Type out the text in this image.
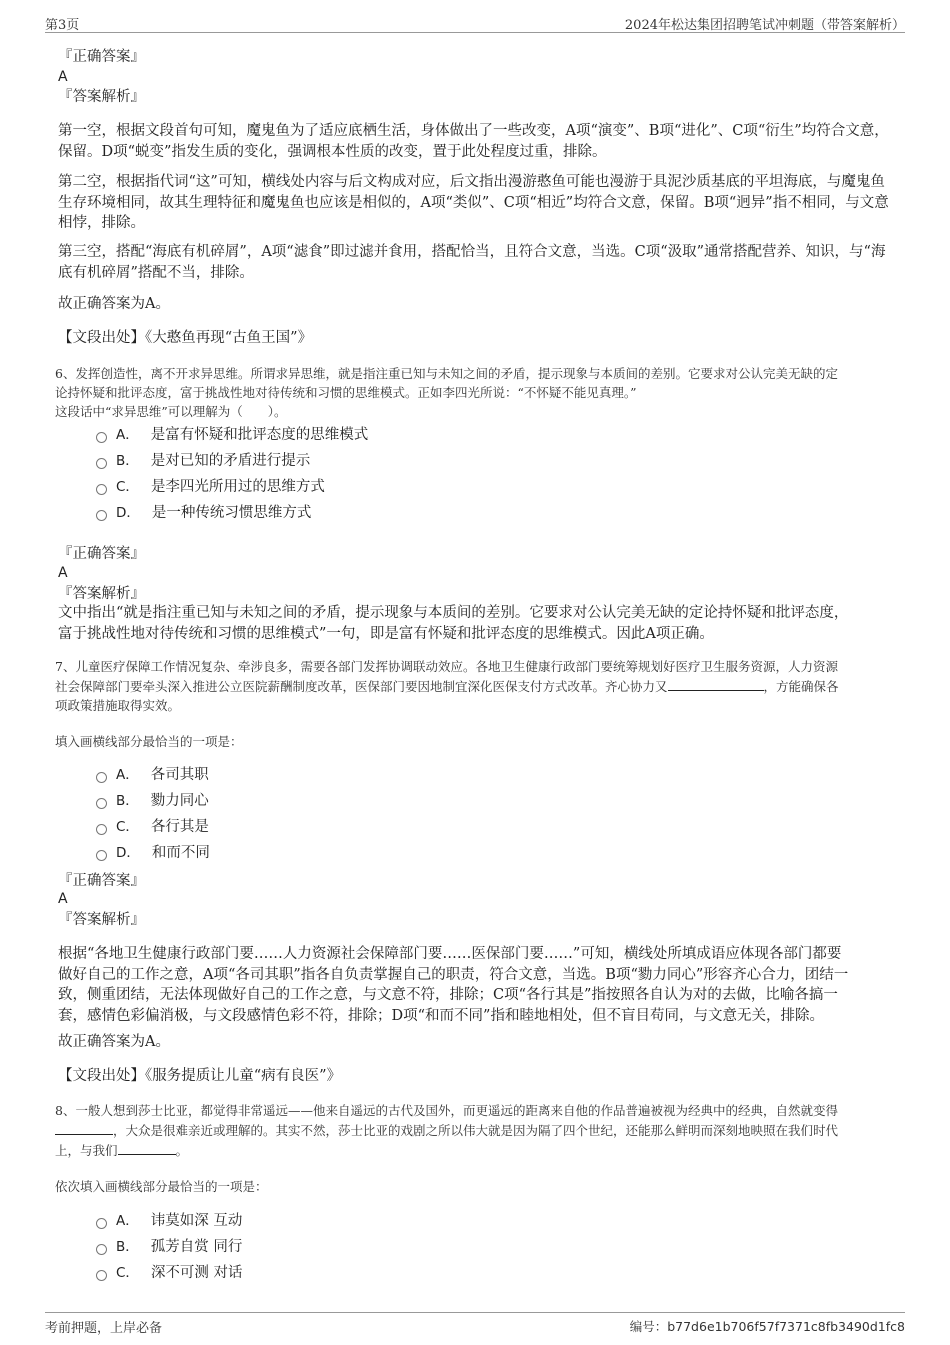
第3页	2024年松达集团招聘笔试冲刺题（带答案解析）
『正确答案』
A
『答案解析』
第一空，根据文段首句可知，魔鬼鱼为了适应底栖生活，身体做出了一些改变，A项“演变”、B项“进化”、C项“衍生”均符合文意，保留。D项“蜕变”指发生质的变化，强调根本性质的改变，置于此处程度过重，排除。
第二空，根据指代词“这”可知，横线处内容与后文构成对应，后文指出漫游憨鱼可能也漫游于具泥沙质基底的平坦海底，与魔鬼鱼生存环境相同，故其生理特征和魔鬼鱼也应该是相似的，A项“类似”、C项“相近”均符合文意，保留。B项“迥异”指不相同，与文意相悖，排除。
第三空，搭配“海底有机碎屑”，A项“滤食”即过滤并食用，搭配恰当，且符合文意，当选。C项“汲取”通常搭配营养、知识，与“海底有机碎屑”搭配不当，排除。
故正确答案为A。
【文段出处】《大憨鱼再现“古鱼王国”》
6、发挥创造性，离不开求异思维。所谓求异思维，就是指注重已知与未知之间的矛盾，提示现象与本质间的差别。它要求对公认完美无缺的定
论持怀疑和批评态度，富于挑战性地对待传统和习惯的思维模式。正如李四光所说：“不怀疑不能见真理。”
这段话中“求异思维”可以理解为（　　）。
A． 是富有怀疑和批评态度的思维模式
B． 是对已知的矛盾进行提示
C． 是李四光所用过的思维方式
D． 是一种传统习惯思维方式
『正确答案』
A
『答案解析』
文中指出“就是指注重已知与未知之间的矛盾，提示现象与本质间的差别。它要求对公认完美无缺的定论持怀疑和批评态度，
富于挑战性地对待传统和习惯的思维模式”一句，即是富有怀疑和批评态度的思维模式。因此A项正确。
7、儿童医疗保障工作情况复杂、牵涉良多，需要各部门发挥协调联动效应。各地卫生健康行政部门要统筹规划好医疗卫生服务资源，人力资源
社会保障部门要牵头深入推进公立医院薪酬制度改革，医保部门要因地制宜深化医保支付方式改革。齐心协力又	，方能确保各
项政策措施取得实效。
填入画横线部分最恰当的一项是：
A． 各司其职
B． 勠力同心
C． 各行其是
D． 和而不同
『正确答案』
A
『答案解析』
根据“各地卫生健康行政部门要……人力资源社会保障部门要……医保部门要……”可知，横线处所填成语应体现各部门都要
做好自己的工作之意，A项“各司其职”指各自负责掌握自己的职责，符合文意，当选。B项“勠力同心”形容齐心合力，团结一
致，侧重团结，无法体现做好自己的工作之意，与文意不符，排除；C项“各行其是”指按照各自认为对的去做，比喻各搞一
套，感情色彩偏消极，与文段感情色彩不符，排除；D项“和而不同”指和睦地相处，但不盲目苟同，与文意无关，排除。
故正确答案为A。
【文段出处】《服务提质让儿童“病有良医”》
8、一般人想到莎士比亚，都觉得非常遥远——他来自遥远的古代及国外，而更遥远的距离来自他的作品普遍被视为经典中的经典，自然就变得
，大众是很难亲近或理解的。其实不然，莎士比亚的戏剧之所以伟大就是因为隔了四个世纪，还能那么鲜明而深刻地映照在我们时代
上，与我们	。
依次填入画横线部分最恰当的一项是：
A． 讳莫如深 互动
B． 孤芳自赏 同行
C． 深不可测 对话
考前押题，上岸必备	编号：b77d6e1b706f57f7371c8fb3490d1fc8
